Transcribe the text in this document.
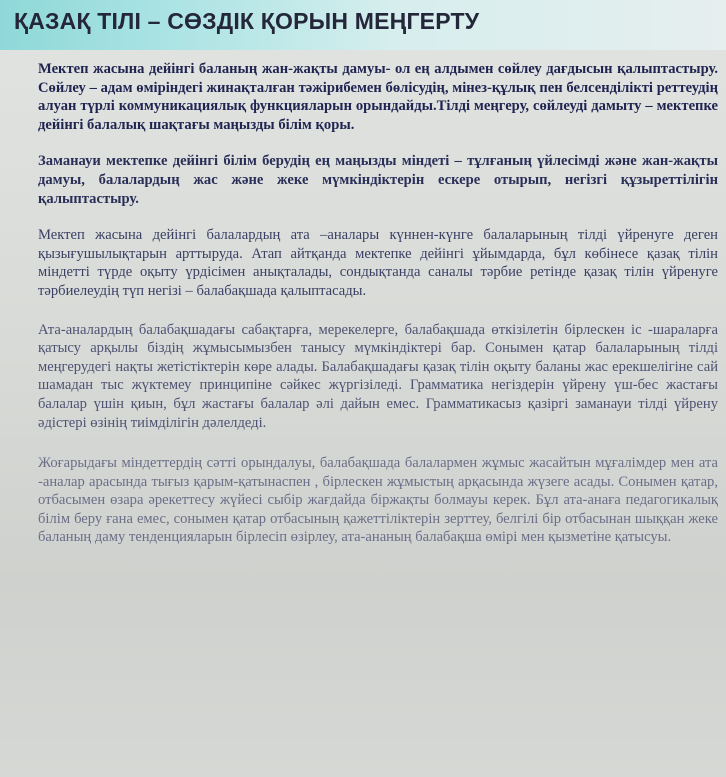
ҚАЗАҚ ТІЛІ – СӨЗДІК ҚОРЫН МЕҢГЕРТУ

Мектеп жасына дейінгі баланың жан-жақты дамуы- ол ең алдымен сөйлеу дағдысын қалыптастыру. Сөйлеу – адам өміріндегі жинақталған тәжірибемен бөлісудің, мінез-құлық пен белсенділікті реттеудің алуан түрлі коммуникациялық функцияларын орындайды.Тілді меңгеру, сөйлеуді дамыту – мектепке дейінгі балалық шақтағы маңызды білім қоры.

Заманауи мектепке дейінгі білім берудің ең маңызды міндеті – тұлғаның үйлесімді және жан-жақты дамуы, балалардың жас және жеке мүмкіндіктерін ескере отырып, негізгі құзыреттілігін қалыптастыру.

Мектеп жасына дейінгі балалардың ата –аналары күннен-күнге балаларының тілді үйренуге деген қызығушылықтарын арттыруда. Атап айтқанда мектепке дейінгі ұйымдарда, бұл көбінесе қазақ тілін міндетті түрде оқыту үрдісімен анықталады, сондықтанда саналы тәрбие ретінде қазақ тілін үйренуге тәрбиелеудің түп негізі – балабақшада қалыптасады.

Ата-аналардың балабақшадағы сабақтарға, мерекелерге, балабақшада өткізілетін бірлескен іс -шараларға қатысу арқылы біздің жұмысымызбен танысу мүмкіндіктері бар. Сонымен қатар балаларының тілді меңгерудегі нақты жетістіктерін көре алады. Балабақшадағы қазақ тілін оқыту баланы жас ерекшелігіне сай шамадан тыс жүктемеу принципіне сәйкес жүргізіледі. Грамматика негіздерін үйрену үш-бес жастағы балалар үшін қиын, бұл жастағы балалар әлі дайын емес. Грамматикасыз қазіргі заманауи тілді үйрену әдістері өзінің тиімділігін дәлелдеді.

Жоғарыдағы міндеттердің сәтті орындалуы, балабақшада балалармен жұмыс жасайтын мұғалімдер мен ата -аналар арасында тығыз қарым-қатынаспен , бірлескен жұмыстың арқасында жүзеге асады. Сонымен қатар, отбасымен өзара әрекеттесу жүйесі сыбір жағдайда біржақты болмауы керек. Бұл ата-анаға педагогикалық білім беру ғана емес, сонымен қатар отбасының қажеттіліктерін зерттеу, белгілі бір отбасынан шыққан жеке баланың даму тенденцияларын бірлесіп өзірлеу, ата-ананың балабақша өмірі мен қызметіне қатысуы.
